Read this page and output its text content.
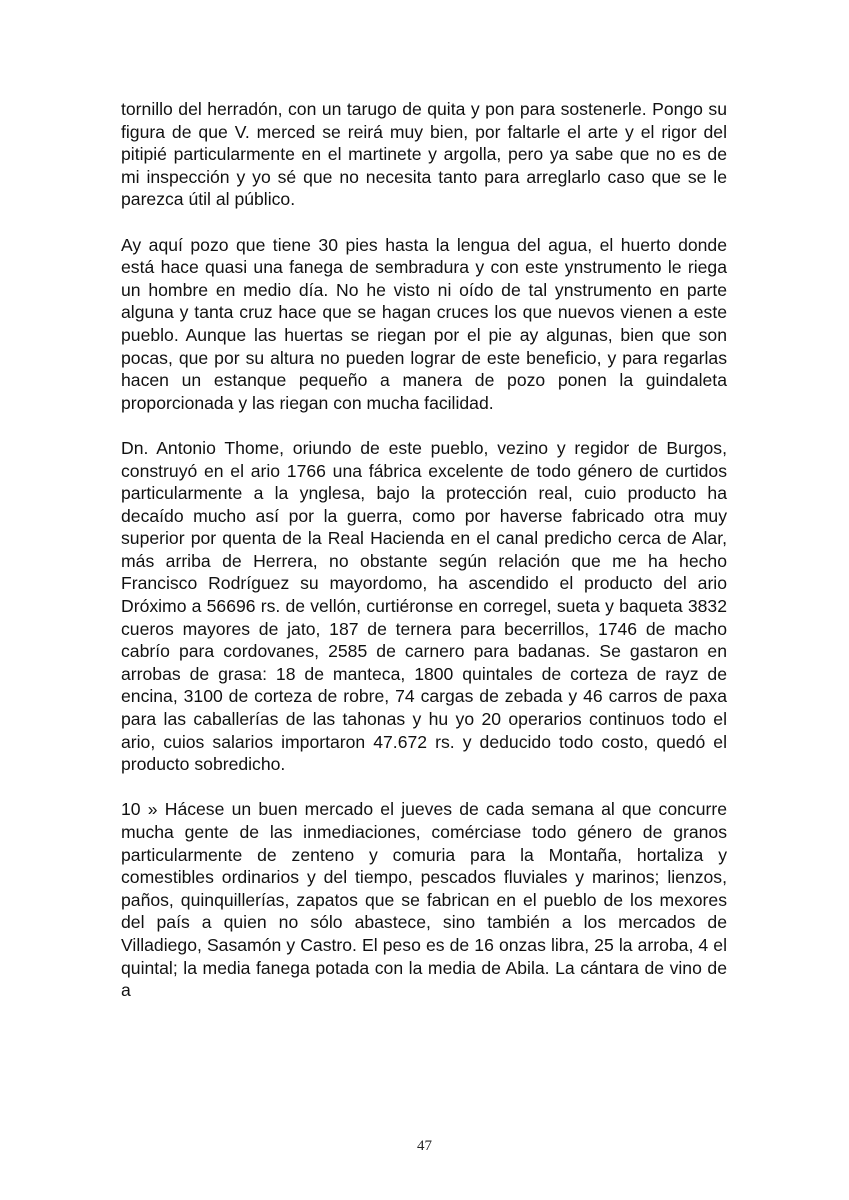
tornillo del herradón, con un tarugo de quita y pon para sostenerle. Pongo su figura de que V. merced se reirá muy bien, por faltarle el arte y el rigor del pitipié particularmente en el martinete y argolla, pero ya sabe que no es de mi inspección y yo sé que no necesita tanto para arreglarlo caso que se le parezca útil al público.

Ay aquí pozo que tiene 30 pies hasta la lengua del agua, el huerto donde está hace quasi una fanega de sembradura y con este ynstrumento le riega un hombre en medio día. No he visto ni oído de tal ynstrumento en parte alguna y tanta cruz hace que se hagan cruces los que nuevos vienen a este pueblo. Aunque las huertas se riegan por el pie ay algunas, bien que son pocas, que por su altura no pueden lograr de este beneficio, y para regarlas hacen un estanque pequeño a manera de pozo ponen la guindaleta proporcionada y las riegan con mucha facilidad.

Dn. Antonio Thome, oriundo de este pueblo, vezino y regidor de Burgos, construyó en el ario 1766 una fábrica excelente de todo género de curtidos particularmente a la ynglesa, bajo la protección real, cuio producto ha decaído mucho así por la guerra, como por haverse fabricado otra muy superior por quenta de la Real Hacienda en el canal predicho cerca de Alar, más arriba de Herrera, no obstante según relación que me ha hecho Francisco Rodríguez su mayordomo, ha ascendido el producto del ario Dróximo a 56696 rs. de vellón, curtiéronse en corregel, sueta y baqueta 3832 cueros mayores de jato, 187 de ternera para becerrillos, 1746 de macho cabrío para cordovanes, 2585 de carnero para badanas. Se gastaron en arrobas de grasa: 18 de manteca, 1800 quintales de corteza de rayz de encina, 3100 de corteza de robre, 74 cargas de zebada y 46 carros de paxa para las caballerías de las tahonas y hu yo 20 operarios continuos todo el ario, cuios salarios importaron 47.672 rs. y deducido todo costo, quedó el producto sobredicho.

10 » Hácese un buen mercado el jueves de cada semana al que concurre mucha gente de las inmediaciones, comérciase todo género de granos particularmente de zenteno y comuria para la Montaña, hortaliza y comestibles ordinarios y del tiempo, pescados fluviales y marinos; lienzos, paños, quinquillerías, zapatos que se fabrican en el pueblo de los mexores del país a quien no sólo abastece, sino también a los mercados de Villadiego, Sasamón y Castro. El peso es de 16 onzas libra, 25 la arroba, 4 el quintal; la media fanega potada con la media de Abila. La cántara de vino de a

47
